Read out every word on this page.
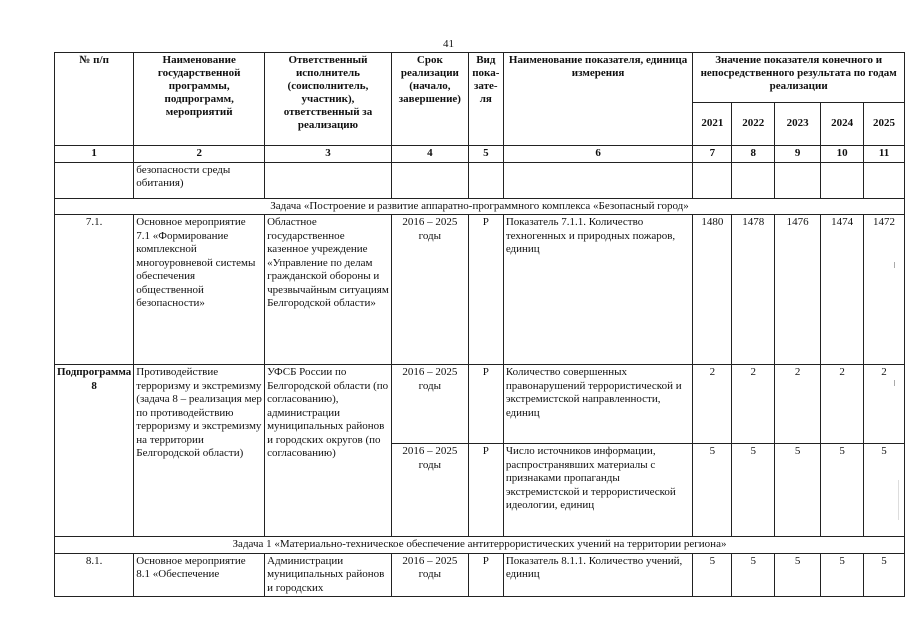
41
№ п/п	Наименование государственной программы, подпрограмм, мероприятий	Ответственный исполнитель (соисполнитель, участник), ответственный за реализацию	Срок реализации (начало, завершение)	Вид пока-зате-ля	Наименование показателя, единица измерения	Значение показателя конечного и непосредственного результата по годам реализации				
						2021	2022	2023	2024	2025
1	2	3	4	5	6	7	8	9	10	11
	безопасности среды обитания)									
Задача «Построение и развитие аппаратно-программного комплекса «Безопасный город»										
7.1.	Основное мероприятие 7.1 «Формирование комплексной многоуровневой системы обеспечения общественной безопасности»	Областное государственное казенное учреждение «Управление по делам гражданской обороны и чрезвычайным ситуациям Белгородской области»	2016 – 2025 годы	Р	Показатель 7.1.1. Количество техногенных и природных пожаров, единиц	1480	1478	1476	1474	1472
Подпрограмма 8	Противодействие терроризму и экстремизму (задача 8 – реализация мер по противодействию терроризму и экстремизму на территории Белгородской области)	УФСБ России по Белгородской области (по согласованию), администрации муниципальных районов и городских округов (по согласованию)	2016 – 2025 годы	Р	Количество совершенных правонарушений террористической и экстремистской направленности, единиц	2	2	2	2	2
			2016 – 2025 годы	Р	Число источников информации, распространявших материалы с признаками пропаганды экстремистской и террористической идеологии, единиц	5	5	5	5	5
Задача 1 «Материально-техническое обеспечение антитеррористических учений на территории региона»										
8.1.	Основное мероприятие 8.1 «Обеспечение	Администрации муниципальных районов и городских	2016 – 2025 годы	Р	Показатель 8.1.1. Количество учений, единиц	5	5	5	5	5
